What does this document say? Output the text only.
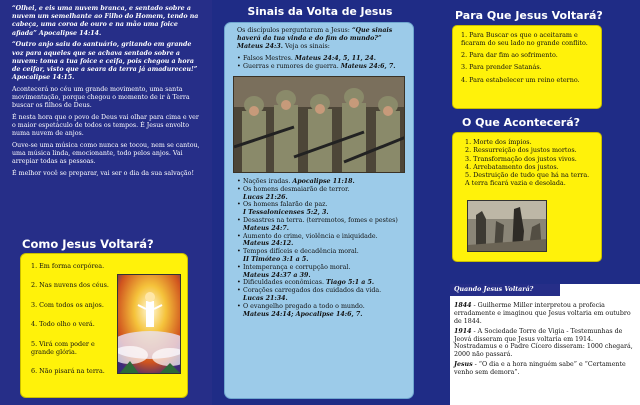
“Olhei, e eis uma nuvem branca, e sentado sobre a nuvem um semelhante ao Filho do Homem, tendo na cabeça, uma coroa de ouro e na mão uma foice afiada” Apocalipse 14:14.

“Outro anjo saiu do santuário, gritando em grande voz para aqueles que se achava sentado sobre a nuvem: toma a tua foice e ceifa, pois chegou a hora de ceifar, visto que a seara da terra já amadureceu!” Apocalipse 14:15.

Acontecerá no céu um grande movimento, uma santa movimentação, porque chegou o momento de ir à Terra buscar os filhos de Deus.

É nesta hora que o povo de Deus vai olhar para cima e ver o maior espetáculo de todos os tempos. É Jesus envolto numa nuvem de anjos.

Ouve-se uma música como nunca se tocou, nem se cantou, uma música linda, emocionante, todo pelos anjos. Vai arrepiar todas as pessoas.

É melhor você se preparar, vai ser o dia da sua salvação!

Como Jesus Voltará?
1. Em forma corpórea.
2. Nas nuvens dos céus.
3. Com todos os anjos.
4. Todo olho o verá.
5. Virá com poder e grande glória.
6. Não pisará na terra.
Sinais da Volta de Jesus

Os discípulos perguntaram a Jesus: “Que sinais haverá da tua vinda e do fim do mundo?” Mateus 24:3. Veja os sinais:

• Falsos Mestres. Mateus 24:4, 5, 11, 24.
• Guerras e rumores de guerra. Mateus 24:6, 7.
• Nações iradas. Apocalipse 11:18.
• Os homens desmaiarão de terror.
Lucas 21:26.
• Os homens falarão de paz.
I Tessalonicenses 5:2, 3.
• Desastres na terra. (terremotos, fomes e pestes) Mateus 24:7.
• Aumento do crime, violência e iniquidade. Mateus 24:12.
• Tempos difíceis e decadência moral.
II Timóteo 3:1 a 5.
• Intemperança e corrupção moral.
Mateus 24:37 a 39.
• Dificuldades econômicas. Tiago 5:1 a 5.
• Corações carregados dos cuidados da vida.
Lucas 21:34.
• O evangelho pregado a todo o mundo.
Mateus 24:14; Apocalipse 14:6, 7.
Para Que Jesus Voltará?
1. Para Buscar os que o aceitaram e ficaram do seu lado no grande conflito.
2. Para dar fim ao sofrimento.
3. Para prender Satanás.
4. Para estabelecer um reino eterno.
O Que Acontecerá?
1. Morte dos ímpios.
2. Ressurreição dos justos mortos.
3. Transformação dos justos vivos.
4. Arrebatamento dos justos.
5. Destruição de tudo que há na terra.
A terra ficará vazia e desolada.
Quando Jesus Voltará?

1844 - Guilherme Miller interpretou a profecia erradamente e imaginou que Jesus voltaria em outubro de 1844.

1914 - A Sociedade Torre de Vigia - Testemunhas de Jeová disseram que Jesus voltaria em 1914. Nostradamus e o Padre Cícero disseram: 1000 chegará, 2000 não passará.

Jesus - “O dia e a hora ninguém sabe” e “Certamente venho sem demora”.
